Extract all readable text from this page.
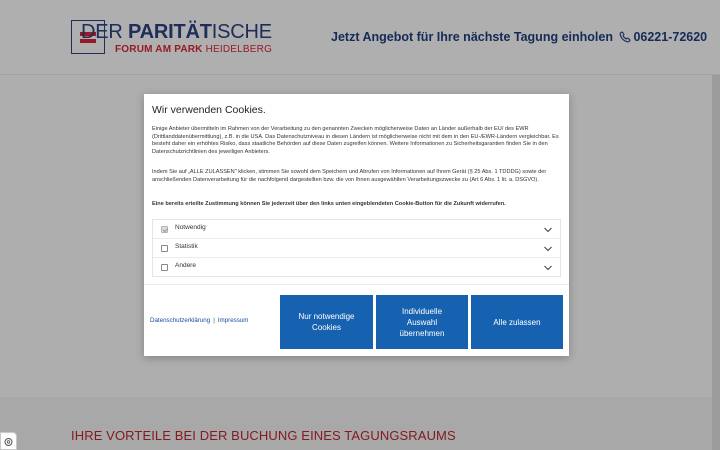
DER PARITÄTISCHE
FORUM AM PARK HEIDELBERG
Jetzt Angebot für Ihre nächste Tagung einholen 06221-72620
IHRE VORTEILE BEI DER BUCHUNG EINES TAGUNGSRAUMS
Wir verwenden Cookies.
Einige Anbieter übermitteln im Rahmen von der Verarbeitung zu den genannten Zwecken möglicherweise Daten an Länder außerhalb der EU/ des EWR (Drittlanddatenübermittlung), z.B. in die USA. Das Datenschutzniveau in diesen Ländern ist möglicherweise nicht mit dem in den EU-/EWR-Ländern vergleichbar. Es besteht daher ein erhöhtes Risiko, dass staatliche Behörden auf diese Daten zugreifen können. Weitere Informationen zu Sicherheitsgarantien finden Sie in den Datenschutzrichtlinien des jeweiligen Anbieters.
Indem Sie auf „ALLE ZULASSEN" klicken, stimmen Sie sowohl dem Speichern und Abrufen von Informationen auf Ihrem Gerät (§ 25 Abs. 1 TDDDG) sowie der anschließenden Datenverarbeitung für die nachfolgend dargestellten bzw. die von Ihnen ausgewählten Verarbeitungszwecke zu (Art 6 Abs. 1 lit. a. DSGVO).
Eine bereits erteilte Zustimmung können Sie jederzeit über den links unten eingeblendeten Cookie-Button für die Zukunft widerrufen.
Notwendig
Statistik
Andere
Datenschutzerklärung | Impressum	Nur notwendige Cookies
Individuelle Auswahl übernehmen
Alle zulassen
